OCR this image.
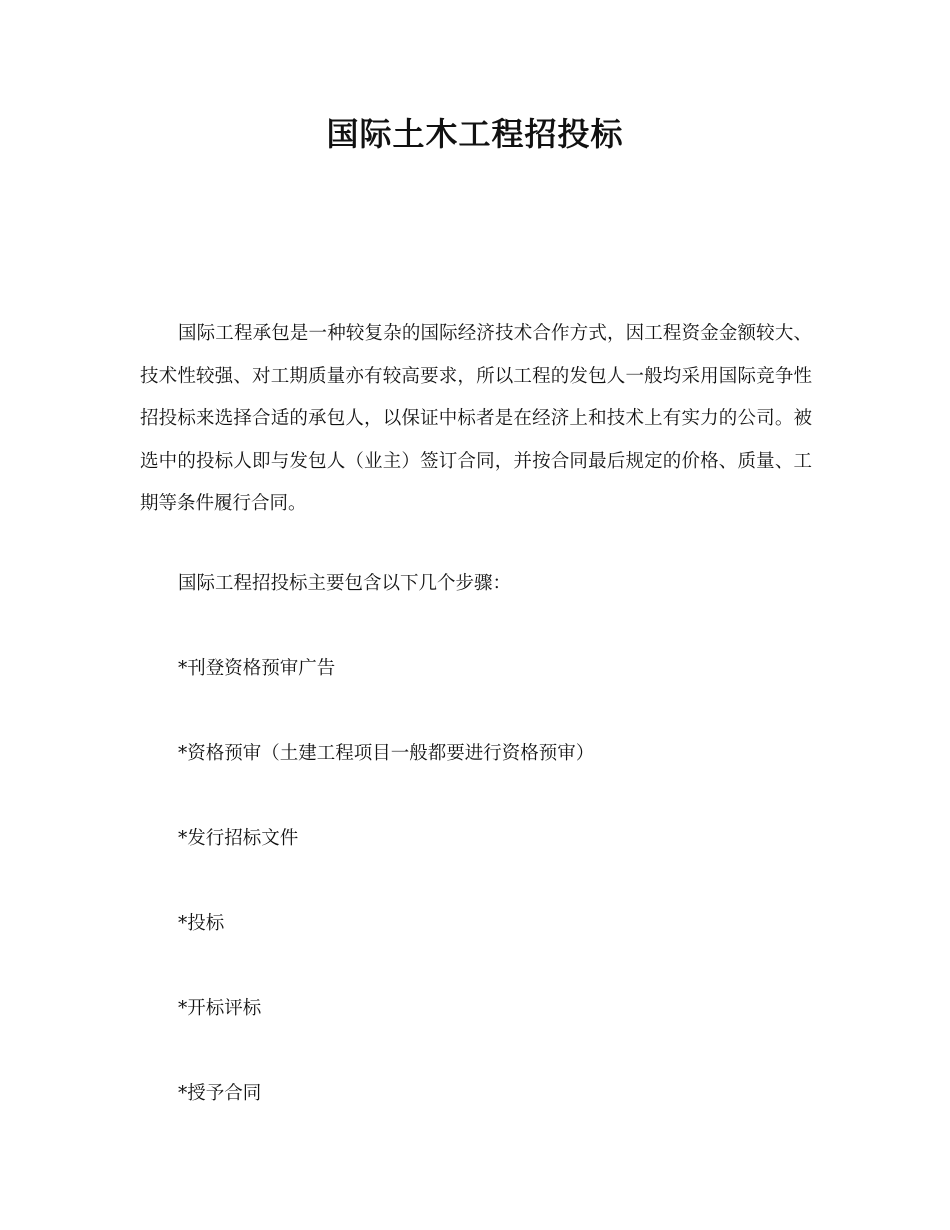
国际土木工程招投标

国际工程承包是一种较复杂的国际经济技术合作方式，因工程资金金额较大、技术性较强、对工期质量亦有较高要求，所以工程的发包人一般均采用国际竞争性招投标来选择合适的承包人，以保证中标者是在经济上和技术上有实力的公司。被选中的投标人即与发包人（业主）签订合同，并按合同最后规定的价格、质量、工期等条件履行合同。

国际工程招投标主要包含以下几个步骤：

*刊登资格预审广告

*资格预审（土建工程项目一般都要进行资格预审）

*发行招标文件

*投标

*开标评标

*授予合同
